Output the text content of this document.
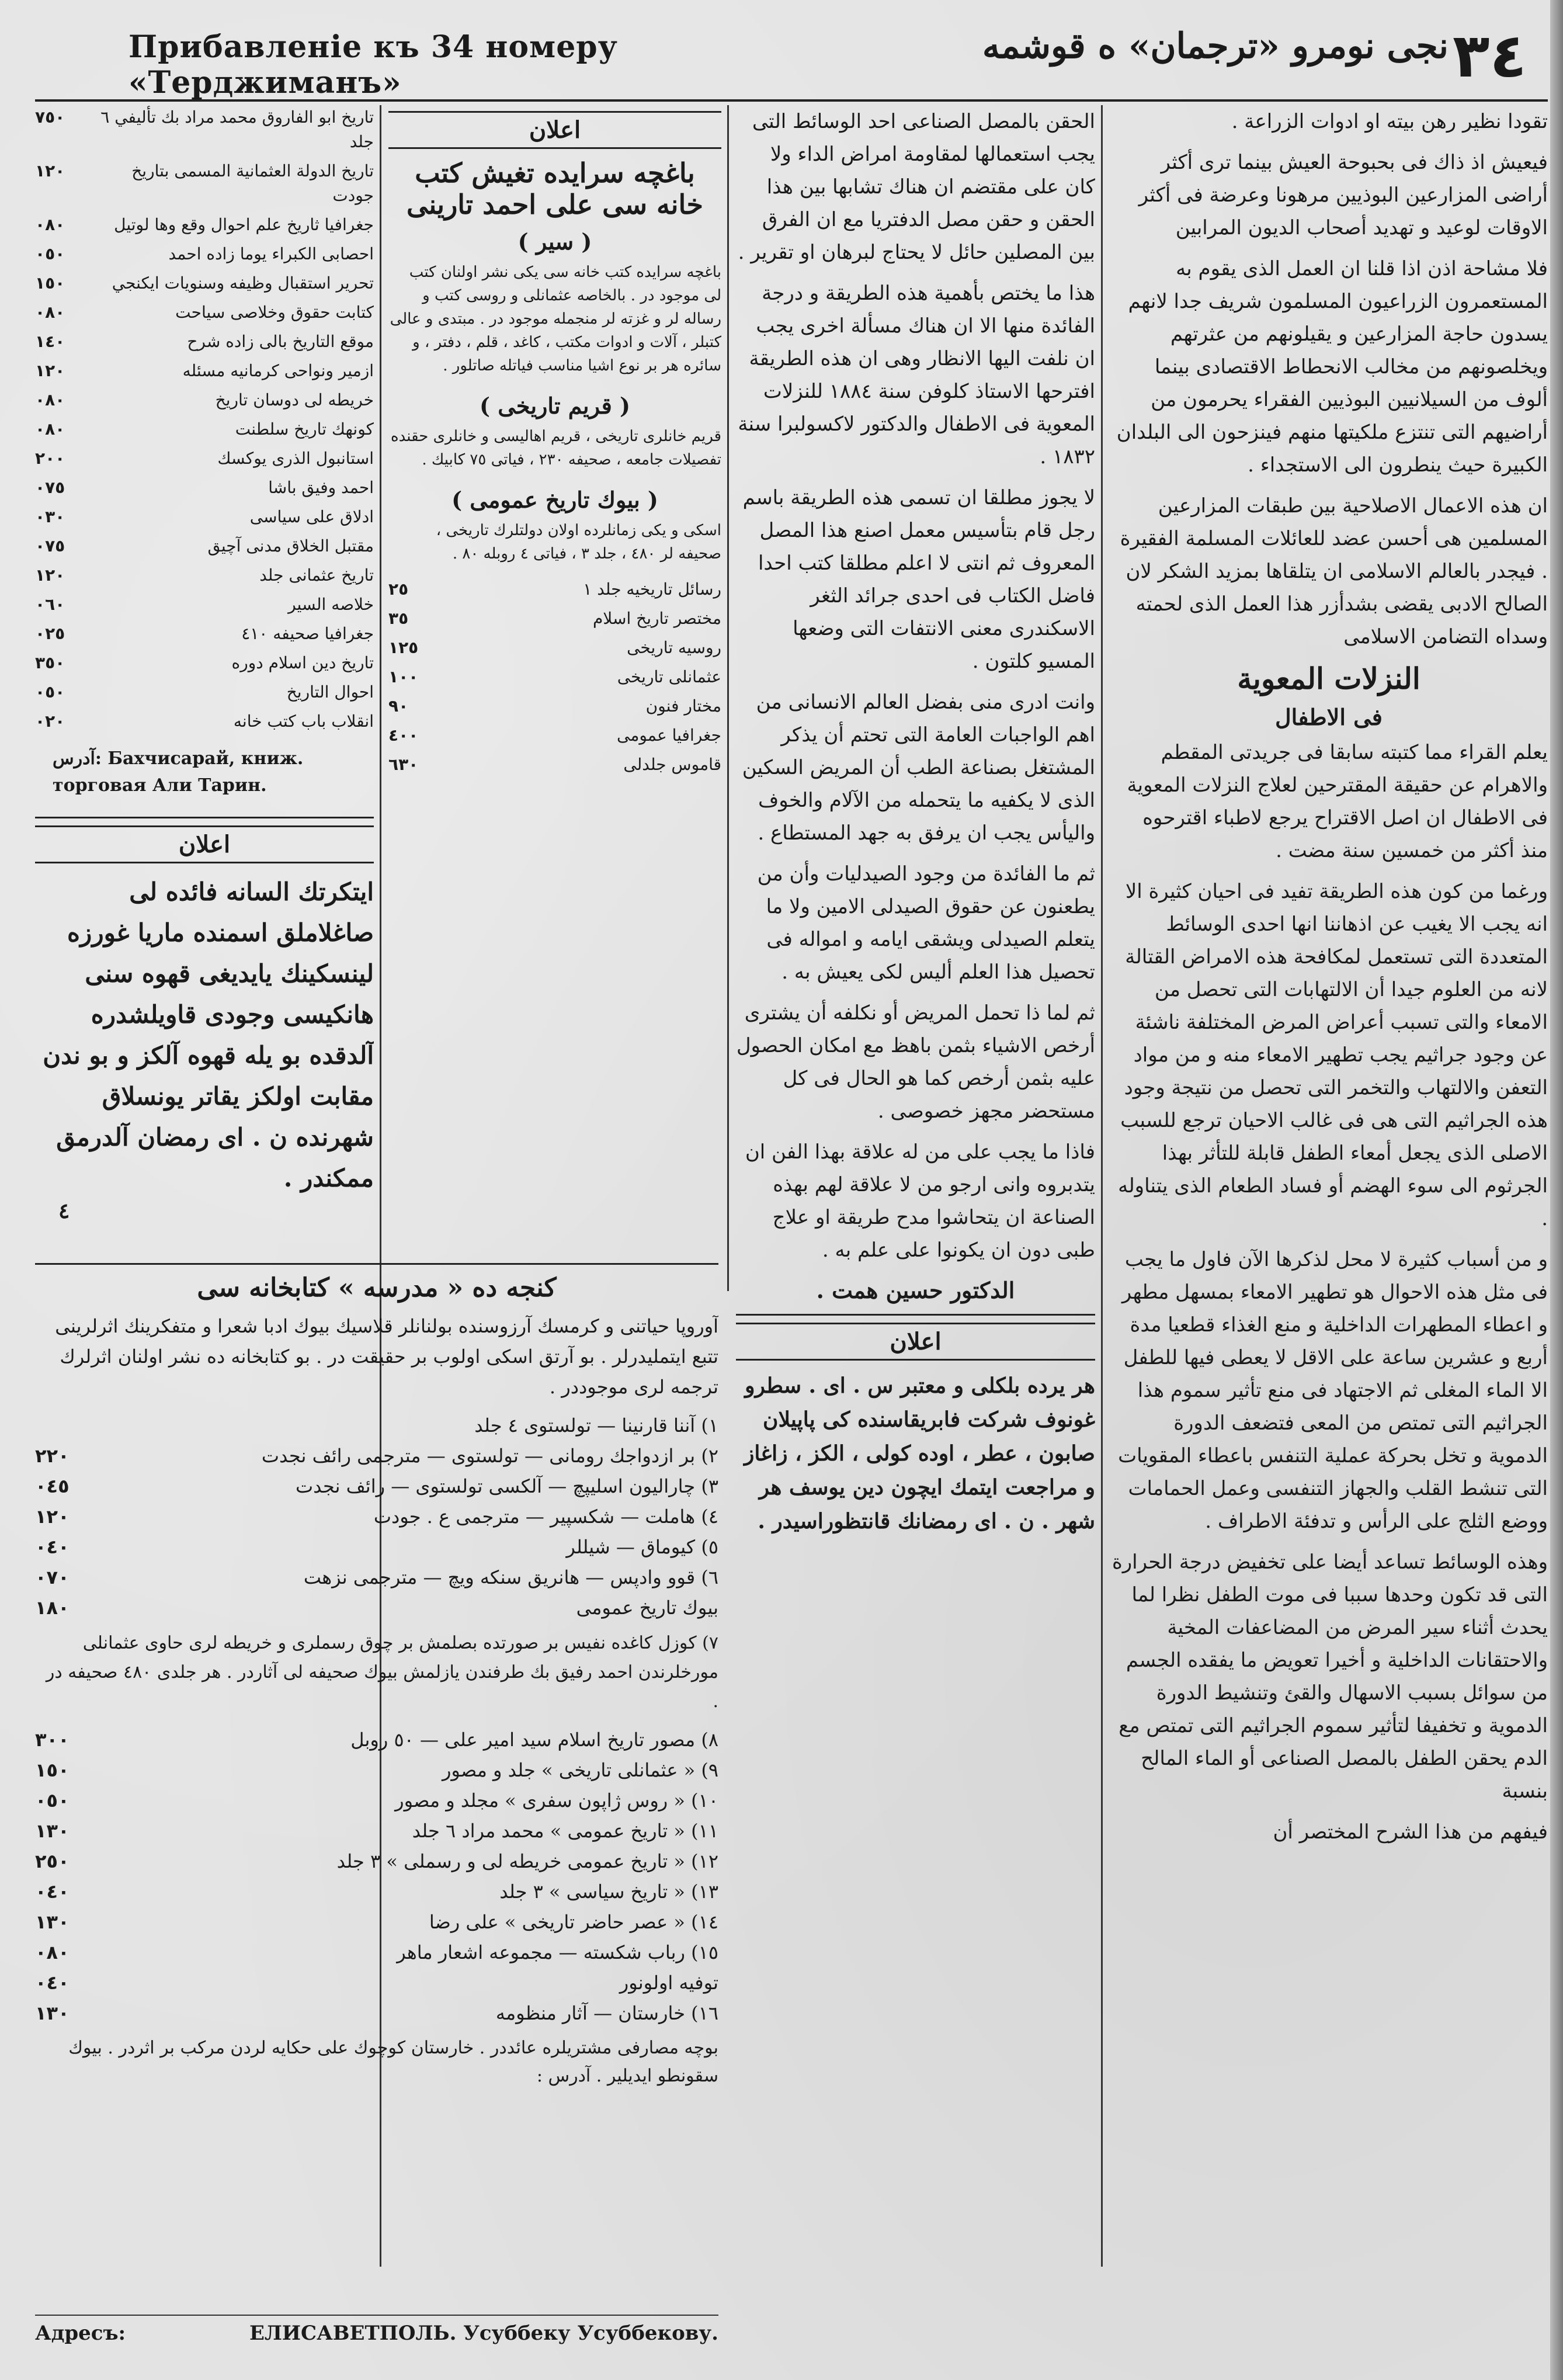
Прибавленіе къ 34 номеру «Терджиманъ»
نجی نومرو «ترجمان» ه قوشمه ٣٤
٧٥٠	تاريخ ابو الفاروق محمد مراد بك تأليفي ٦ جلد
١٢٠	تاريخ الدولة العثمانية المسمى بتاريخ جودت
٠٨٠	جغرافيا ثاريخ علم احوال وقع وها لوتيل
٠٥٠	احصابی الكبراء يوما زاده احمد
١٥٠	تحرير استقبال وظيفه وسنويات ايكنجي
٠٨٠	كتابت حقوق وخلاصى سياحت
١٤٠	موقع التاريخ بالى زاده شرح
١٢٠	ازمير ونواحى كرمانيه مسئله
٠٨٠	خريطه لى دوسان تاريخ
٠٨٠	كونهك تاريخ سلطنت
٢٠٠	استانبول الذرى يوكسك
٠٧٥	احمد وفيق باشا
٠٣٠	ادلاق على سياسى
٠٧٥	مقتبل الخلاق مدنى آچيق
١٢٠	تاريخ عثمانى جلد
٠٦٠	خلاصه السير
٠٢٥	جغرافيا صحيفه ٤١٠
٣٥٠	تاريخ دين اسلام دوره
٠٥٠	احوال التاريخ
٠٢٠	انقلاب باب كتب خانه
آدرس: Бахчисарай, книж. торговая Али Тарин.
اعلان
ايتكرتك السانه فائده لى صاغلاملق اسمنده ماريا غورزه لينسكينك يايديغى قهوه سنى هانكيسى وجودى قاويلشدره آلدقده بو يله قهوه آلكز و بو ندن مقابت اولكز يقاتر يونسلاق شهرنده ن . اى رمضان آلدرمق ممكندر .
٤
اعلان
باغچه سرايده تغيش كتب خانه سى على احمد تارينى
( سير )
باغچه سرايده كتب خانه سى يكى نشر اولنان كتب لى موجود در . بالخاصه عثمانلى و روسى كتب و رساله لر و غزته لر منجمله موجود در . مبتدى و عالى كتبلر ، آلات و ادوات مكتب ، كاغد ، قلم ، دفتر ، و سائره هر بر نوع اشيا مناسب فياتله صاتلور .
( قريم تاريخى )
قريم خانلرى تاريخى ، قريم اهاليسى و خانلرى حقنده تفصيلات جامعه ، صحيفه ٢٣٠ ، فياتى ٧٥ كابيك .
( بيوك تاريخ عمومى )
اسكى و يكى زمانلرده اولان دولتلرك تاريخى ، صحيفه لر ٤٨٠ ، جلد ٣ ، فياتى ٤ روبله ٨٠ .
٢٥	رسائل تاريخيه جلد ١
٣٥	مختصر تاريخ اسلام
١٢٥	روسيه تاريخى
١٠٠	عثمانلى تاريخى
٩٠	مختار فنون
٤٠٠	جغرافيا عمومى
٦٣٠	قاموس جلدلى

الحقن بالمصل الصناعى احد الوسائط التى يجب استعمالها لمقاومة امراض الداء ولا كان على مقتضم ان هناك تشابها بين هذا الحقن و حقن مصل الدفتريا مع ان الفرق بين المصلين حائل لا يحتاج لبرهان او تقرير .

هذا ما يختص بأهمية هذه الطريقة و درجة الفائدة منها الا ان هناك مسألة اخرى يجب ان نلفت اليها الانظار وهى ان هذه الطريقة افترحها الاستاذ كلوفن سنة ١٨٨٤ للنزلات المعوية فى الاطفال والدكتور لاكسولبرا سنة ١٨٣٢ .

لا يجوز مطلقا ان تسمى هذه الطريقة باسم رجل قام بتأسيس معمل اصنع هذا المصل المعروف ثم انتى لا اعلم مطلقا كتب احدا فاضل الكتاب فى احدى جرائد الثغر الاسكندرى معنى الانتفات التى وضعها المسيو كلتون .

وانت ادرى منى بفضل العالم الانسانى من اهم الواجبات العامة التى تحتم أن يذكر المشتغل بصناعة الطب أن المريض السكين الذى لا يكفيه ما يتحمله من الآلام والخوف واليأس يجب ان يرفق به جهد المستطاع .

ثم ما الفائدة من وجود الصيدليات وأن من يطعنون عن حقوق الصيدلى الامين ولا ما يتعلم الصيدلى ويشقى ايامه و امواله فى تحصيل هذا العلم أليس لكى يعيش به .

ثم لما ذا تحمل المريض أو نكلفه أن يشترى أرخص الاشياء بثمن باهظ مع امكان الحصول عليه بثمن أرخص كما هو الحال فى كل مستحضر مجهز خصوصى .

فاذا ما يجب على من له علاقة بهذا الفن ان يتدبروه وانى ارجو من لا علاقة لهم بهذه الصناعة ان يتحاشوا مدح طريقة او علاج طبى دون ان يكونوا على علم به .

الدكتور حسين همت .
اعلان
هر يرده بلكلى و معتبر س . اى . سطرو غونوف شركت فابريقاسنده كى پاپيلان صابون ، عطر ، اوده كولى ، الكز ، زاغاز و مراجعت ايتمك ايچون دين يوسف هر شهر . ن . اى رمضانك قانتظوراسيدر .

تقودا نظير رهن بيته او ادوات الزراعة .

فيعيش اذ ذاك فى بحبوحة العيش بينما ترى أكثر أراضى المزارعين البوذيين مرهونا وعرضة فى أكثر الاوقات لوعيد و تهديد أصحاب الديون المرابين

فلا مشاحة اذن اذا قلنا ان العمل الذى يقوم به المستعمرون الزراعيون المسلمون شريف جدا لانهم يسدون حاجة المزارعين و يقيلونهم من عثرتهم ويخلصونهم من مخالب الانحطاط الاقتصادى بينما ألوف من السيلانيين البوذيين الفقراء يحرمون من أراضيهم التى تنتزع ملكيتها منهم فينزحون الى البلدان الكبيرة حيث ينطرون الى الاستجداء .

ان هذه الاعمال الاصلاحية بين طبقات المزارعين المسلمين هى أحسن عضد للعائلات المسلمة الفقيرة . فيجدر بالعالم الاسلامى ان يتلقاها بمزيد الشكر لان الصالح الادبى يقضى بشدأزر هذا العمل الذى لحمته وسداه التضامن الاسلامى

النزلات المعوية
فى الاطفال

يعلم القراء مما كتبته سابقا فى جريدتى المقطم والاهرام عن حقيقة المقترحين لعلاج النزلات المعوية فى الاطفال ان اصل الاقتراح يرجع لاطباء اقترحوه منذ أكثر من خمسين سنة مضت .

ورغما من كون هذه الطريقة تفيد فى احيان كثيرة الا انه يجب الا يغيب عن اذهاننا انها احدى الوسائط المتعددة التى تستعمل لمكافحة هذه الامراض القتالة لانه من العلوم جيدا أن الالتهابات التى تحصل من الامعاء والتى تسبب أعراض المرض المختلفة ناشئة عن وجود جراثيم يجب تطهير الامعاء منه و من مواد التعفن والالتهاب والتخمر التى تحصل من نتيجة وجود هذه الجراثيم التى هى فى غالب الاحيان ترجع للسبب الاصلى الذى يجعل أمعاء الطفل قابلة للتأثر بهذا الجرثوم الى سوء الهضم أو فساد الطعام الذى يتناوله .

و من أسباب كثيرة لا محل لذكرها الآن فاول ما يجب فى مثل هذه الاحوال هو تطهير الامعاء بمسهل مطهر و اعطاء المطهرات الداخلية و منع الغذاء قطعيا مدة أربع و عشرين ساعة على الاقل لا يعطى فيها للطفل الا الماء المغلى ثم الاجتهاد فى منع تأثير سموم هذا الجراثيم التى تمتص من المعى فتضعف الدورة الدموية و تخل بحركة عملية التنفس باعطاء المقويات التى تنشط القلب والجهاز التنفسى وعمل الحمامات ووضع الثلج على الرأس و تدفئة الاطراف .

وهذه الوسائط تساعد أيضا على تخفيض درجة الحرارة التى قد تكون وحدها سببا فى موت الطفل نظرا لما يحدث أثناء سير المرض من المضاعفات المخية والاحتقانات الداخلية و أخيرا تعويض ما يفقده الجسم من سوائل بسبب الاسهال والقئ وتنشيط الدورة الدموية و تخفيفا لتأثير سموم الجراثيم التى تمتص مع الدم يحقن الطفل بالمصل الصناعى أو الماء المالح بنسبة

فيفهم من هذا الشرح المختصر أن

كنجه ده « مدرسه » كتابخانه سى
آوروپا حياتنى و كرمسك آرزوسنده بولنانلر قلاسيك بيوك ادبا شعرا و متفكرينك اثرلرينى تتبع ايتمليدرلر . بو آرتق اسكى اولوب بر حقيقت در . بو كتابخانه ده نشر اولنان اثرلرك ترجمه لرى موجوددر .
١) آننا قارنينا — تولستوى ٤ جلد
٢٢٠	٢) بر ازدواجك رومانى — تولستوى — مترجمى رائف نجدت
٠٤٥	٣) چاراليون اسليپچ — آلكسى تولستوى — رائف نجدت
١٢٠	٤) هاملت — شكسپير — مترجمى ع . جودت
٠٤٠	٥) كيوماق — شيللر
٠٧٠	٦) قوو وادپس — هانريق سنكه ويچ — مترجمى نزهت
١٨٠	بيوك تاريخ عمومى
٧) كوزل كاغده نفيس بر صورتده بصلمش بر چوق رسملرى و خريطه لرى حاوى عثمانلى مورخلرندن احمد رفيق بك طرفندن يازلمش بيوك صحيفه لى آثاردر . هر جلدى ٤٨٠ صحيفه در .
٣٠٠	٨) مصور تاريخ اسلام سيد امير على — ٥٠ روبل
١٥٠	٩) « عثمانلى تاريخى » جلد و مصور
٠٥٠	١٠) « روس ژاپون سفرى » مجلد و مصور
١٣٠	١١) « تاريخ عمومى » محمد مراد ٦ جلد
٢٥٠	١٢) « تاريخ عمومى خريطه لى و رسملى » ٣ جلد
٠٤٠	١٣) « تاريخ سياسى » ٣ جلد
١٣٠	١٤) « عصر حاضر تاريخى » على رضا
٠٨٠	١٥) رباب شكسته — مجموعه اشعار ماهر
٠٤٠	توفيه اولونور
١٣٠	١٦) خارستان — آثار منظومه
بوچه مصارفى مشتريلره عائددر . خارستان كوچوك على حكايه لردن مركب بر اثردر . بيوك سقونطو ايديلير . آدرس :
Адресъ:	ЕЛИСАВЕТПОЛЬ. Усуббеку Усуббекову.
